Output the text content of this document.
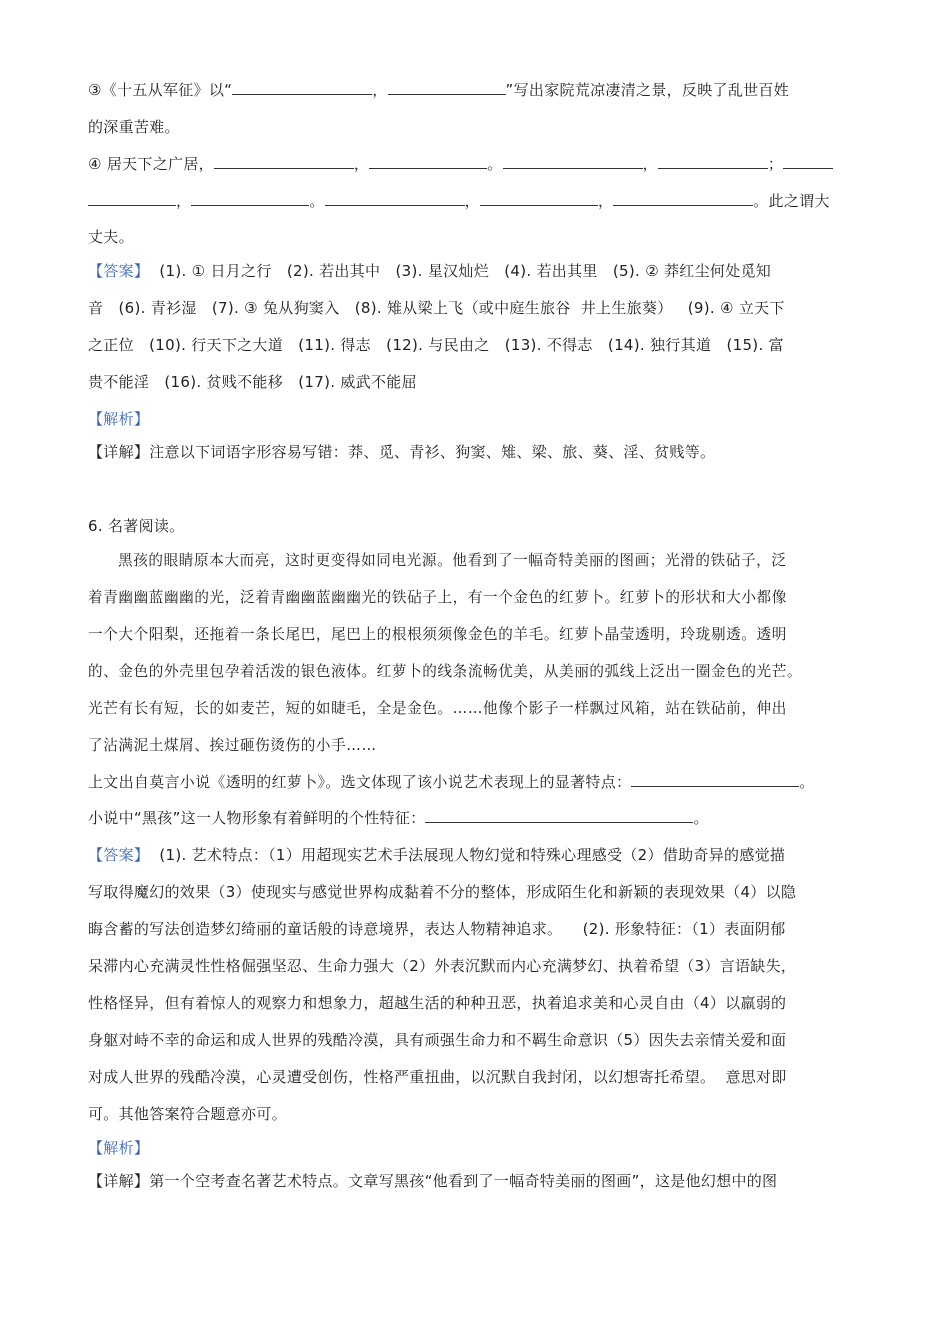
③《十五从军征》以“	，	”写出家院荒凉凄清之景，反映了乱世百姓
的深重苦难。
④ 居天下之广居，	，	。	，	；
，	。	，	，	。此之谓大
丈夫。
【答案】  (1). ① 日月之行   (2). 若出其中   (3). 星汉灿烂   (4). 若出其里   (5). ② 莽红尘何处觅知
音   (6). 青衫湿   (7). ③ 兔从狗窦入   (8). 雉从梁上飞（或中庭生旅谷  井上生旅葵）   (9). ④ 立天下
之正位   (10). 行天下之大道   (11). 得志   (12). 与民由之   (13). 不得志   (14). 独行其道   (15). 富
贵不能淫   (16). 贫贱不能移   (17). 威武不能屈
【解析】
【详解】注意以下词语字形容易写错：莽、觅、青衫、狗窦、雉、梁、旅、葵、淫、贫贱等。
6. 名著阅读。
黑孩的眼睛原本大而亮，这时更变得如同电光源。他看到了一幅奇特美丽的图画；光滑的铁砧子，泛
着青幽幽蓝幽幽的光，泛着青幽幽蓝幽幽光的铁砧子上，有一个金色的红萝卜。红萝卜的形状和大小都像
一个大个阳梨，还拖着一条长尾巴，尾巴上的根根须须像金色的羊毛。红萝卜晶莹透明，玲珑剔透。透明
的、金色的外壳里包孕着活泼的银色液体。红萝卜的线条流畅优美，从美丽的弧线上泛出一圈金色的光芒。
光芒有长有短，长的如麦芒，短的如睫毛，全是金色。……他像个影子一样飘过风箱，站在铁砧前，伸出
了沾满泥土煤屑、挨过砸伤烫伤的小手……
上文出自莫言小说《透明的红萝卜》。选文体现了该小说艺术表现上的显著特点：	。
小说中“黑孩”这一人物形象有着鲜明的个性特征：	。
【答案】  (1). 艺术特点：（1）用超现实艺术手法展现人物幻觉和特殊心理感受（2）借助奇异的感觉描
写取得魔幻的效果（3）使现实与感觉世界构成黏着不分的整体，形成陌生化和新颖的表现效果（4）以隐
晦含蓄的写法创造梦幻绮丽的童话般的诗意境界，表达人物精神追求。    (2). 形象特征：（1）表面阴郁
呆滞内心充满灵性性格倔强坚忍、生命力强大（2）外表沉默而内心充满梦幻、执着希望（3）言语缺失，
性格怪异，但有着惊人的观察力和想象力，超越生活的种种丑恶，执着追求美和心灵自由（4）以羸弱的
身躯对峙不幸的命运和成人世界的残酷冷漠，具有顽强生命力和不羁生命意识（5）因失去亲情关爱和面
对成人世界的残酷冷漠，心灵遭受创伤，性格严重扭曲，以沉默自我封闭，以幻想寄托希望。  意思对即
可。其他答案符合题意亦可。
【解析】
【详解】第一个空考查名著艺术特点。文章写黑孩“他看到了一幅奇特美丽的图画”，这是他幻想中的图
